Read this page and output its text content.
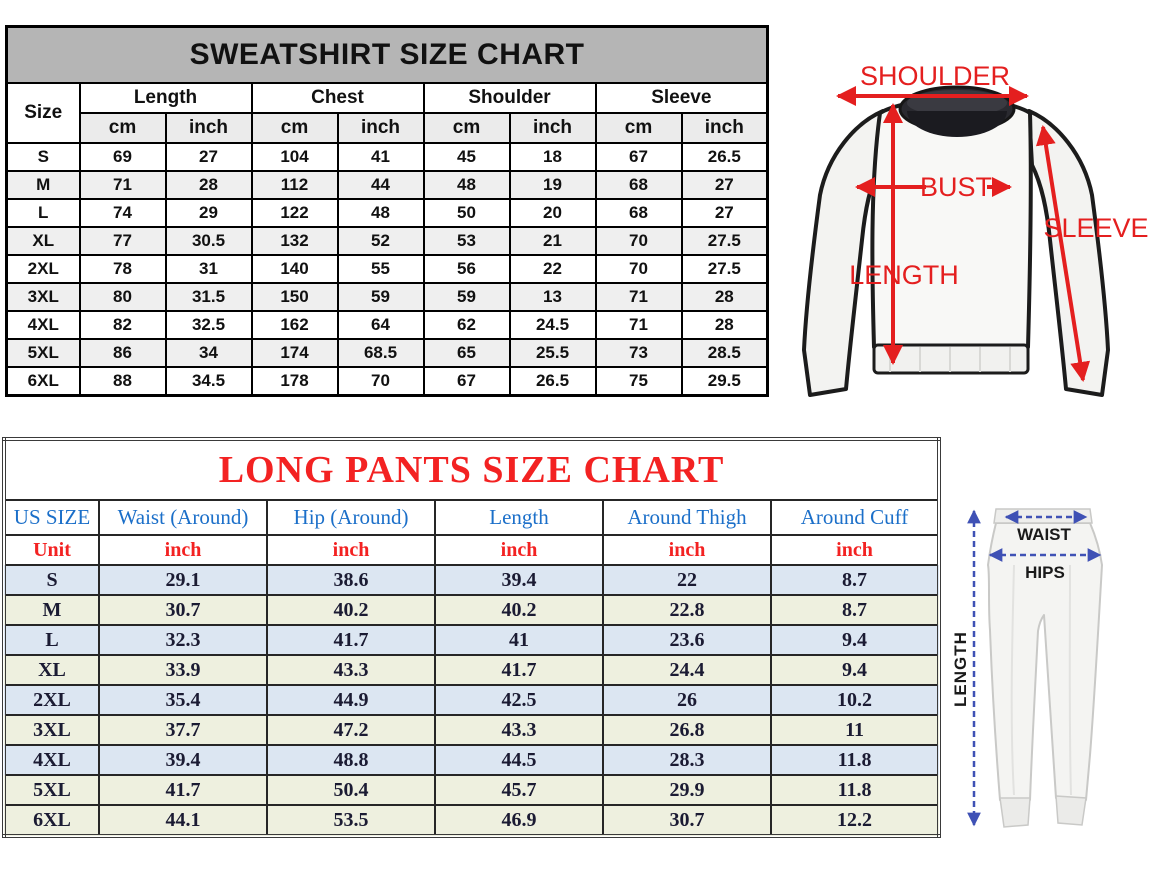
SWEATSHIRT SIZE CHART								
Size	Length		Chest		Shoulder		Sleeve	
	cm	inch	cm	inch	cm	inch	cm	inch
S	69	27	104	41	45	18	67	26.5
M	71	28	112	44	48	19	68	27
L	74	29	122	48	50	20	68	27
XL	77	30.5	132	52	53	21	70	27.5
2XL	78	31	140	55	56	22	70	27.5
3XL	80	31.5	150	59	59	13	71	28
4XL	82	32.5	162	64	62	24.5	71	28
5XL	86	34	174	68.5	65	25.5	73	28.5
6XL	88	34.5	178	70	67	26.5	75	29.5
LONG PANTS SIZE CHART					
US SIZE	Waist (Around)	Hip (Around)	Length	Around Thigh	Around Cuff
Unit	inch	inch	inch	inch	inch
S	29.1	38.6	39.4	22	8.7
M	30.7	40.2	40.2	22.8	8.7
L	32.3	41.7	41	23.6	9.4
XL	33.9	43.3	41.7	24.4	9.4
2XL	35.4	44.9	42.5	26	10.2
3XL	37.7	47.2	43.3	26.8	11
4XL	39.4	48.8	44.5	28.3	11.8
5XL	41.7	50.4	45.7	29.9	11.8
6XL	44.1	53.5	46.9	30.7	12.2
SHOULDER
BUST
LENGTH
SLEEVE
WAIST
HIPS
LENGTH
